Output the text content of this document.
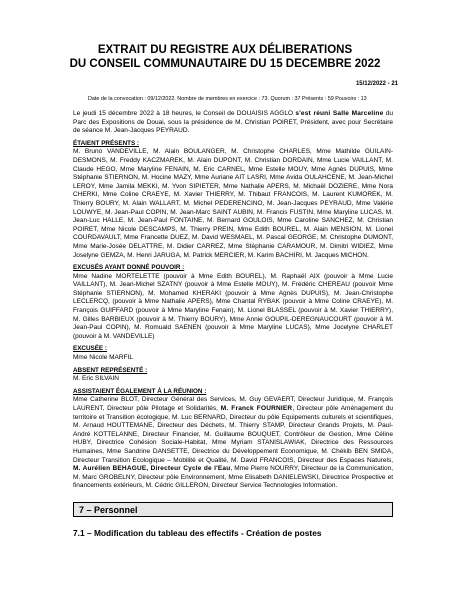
EXTRAIT DU REGISTRE AUX DÉLIBERATIONS
DU CONSEIL COMMUNAUTAIRE DU 15 DECEMBRE 2022
15/12/2022 - 21
Date de la convocation : 09/12/2022. Nombre de membres en exercice : 73. Quorum : 37 Présents : 59 Pouvoirs : 13
Le jeudi 15 décembre 2022 à 18 heures, le Conseil de DOUAISIS AGGLO s'est réuni Salle Marceline du Parc des Expositions de Douai, sous la présidence de M. Christian POIRET, Président, avec pour Secrétaire de séance M. Jean-Jacques PEYRAUD.
ÉTAIENT PRÉSENTS :
M. Bruno VANDEVILLE, M. Alain BOULANGER, M. Christophe CHARLES, Mme Mathilde GUILAIN-DESMONS, M. Freddy KACZMAREK, M. Alain DUPONT, M. Christian DORDAIN, Mme Lucie VAILLANT, M. Claude HEGO, Mme Maryline FENAIN, M. Eric CARNEL, Mme Estelle MOUY, Mme Agnès DUPUIS, Mme Stéphanie STIERNON, M. Hocine MAZY, Mme Auriane AIT LASRI, Mme Avida OULAHCENE, M. Jean-Michel LEROY, Mme Jamila MEKKI, M. Yvon SIPIETER, Mme Nathalie APERS, M. Michaël DOZIERE, Mme Nora CHERKI, Mme Coline CRAEYE, M. Xavier THIERRY, M. Thibaut FRANCOIS, M. Laurent KUMOREK, M. Thierry BOURY, M. Alain WALLART, M. Michel PEDERENCINO, M. Jean-Jacques PEYRAUD, Mme Valérie LOUWYE, M. Jean-Paul COPIN, M. Jean-Marc SAINT AUBIN, M. Francis FUSTIN, Mme Maryline LUCAS, M. Jean-Luc HALLE, M. Jean-Paul FONTAINE, M. Bernard GOULOIS, Mme Caroline SANCHEZ, M. Christian POIRET, Mme Nicole DESCAMPS, M. Thierry PREIN, Mme Edith BOUREL, M. Alain MENSION, M. Lionel COURDAVAULT, Mme Francette DUEZ, M. David WESMAEL, M. Pascal GEORGE, M. Christophe DUMONT, Mme Marie-Josée DELATTRE, M. Didier CARREZ, Mme Stéphanie CARAMOUR, M. Dimitri WIDIEZ, Mme Joselyne GEMZA, M. Henri JARUGA, M. Patrick MERCIER, M. Karim BACHIRI, M. Jacques MICHON.
EXCUSÉS AYANT DONNÉ POUVOIR :
Mme Nadine MORTELETTE (pouvoir à Mme Edith BOUREL), M. Raphaël AIX (pouvoir à Mme Lucie VAILLANT), M. Jean-Michel SZATNY (pouvoir à Mme Estelle MOUY), M. Frédéric CHEREAU (pouvoir Mme Stéphanie STIERNON), M. Mohamed KHERAKI (pouvoir à Mme Agnès DUPUIS), M. Jean-Christophe LECLERCQ, (pouvoir à Mme Nathalie APERS), Mme Chantal RYBAK (pouvoir à Mme Coline CRAEYE), M. François GUIFFARD (pouvoir à Mme Maryline Fenain), M. Lionel BLASSEL (pouvoir à M. Xavier THIERRY), M. Gilles BARBIEUX (pouvoir à M. Thierry BOURY), Mme Annie GOUPIL-DEREGNAUCOURT (pouvoir à M. Jean-Paul COPIN), M. Romuald SAENEN (pouvoir à Mme Maryline LUCAS), Mme Jocelyne CHARLET (pouvoir à M. VANDEVILLE)
EXCUSÉE :
Mme Nicole MARFIL
ABSENT REPRÉSENTÉ :
M. Eric SILVAIN
ASSISTAIENT ÉGALEMENT À LA RÉUNION :
Mme Catherine BLOT, Directeur Général des Services, M. Guy GEVAERT, Directeur Juridique, M. François LAURENT, Directeur pôle Pilotage et Solidarités, M. Franck FOURNIER, Directeur pôle Aménagement du territoire et Transition écologique, M. Luc BERNARD, Directeur du pôle Equipements culturels et scientifiques, M. Arnaud HOUTTEMANE, Directeur des Déchets, M. Thierry STAMP, Directeur Grands Projets, M. Paul-André KOTTELANNE, Directeur Financier, M. Guillaume BOUQUET, Contrôleur de Gestion, Mme Céline HUBY, Directrice Cohésion Sociale-Habitat, Mme Myriam STANISLAWIAK, Directrice des Ressources Humaines, Mme Sandrine DANSETTE, Directrice du Développement Economique, M. Chékib BEN SMIDA, Directeur Transition Ecologique – Mobilité et Qualité, M. David FRANCOIS, Directeur des Espaces Naturels, M. Aurélien BEHAGUE, Directeur Cycle de l'Eau, Mme Pierre NOURRY, Directeur de la Communication, M. Marc GROBELNY, Directeur pôle Environnement, Mme Elisabeth DANIELEWSKI, Directrice Prospective et financements extérieurs, M. Cédric GILLERON, Directeur Service Technologies Information.
7 – Personnel
7.1 – Modification du tableau des effectifs - Création de postes
